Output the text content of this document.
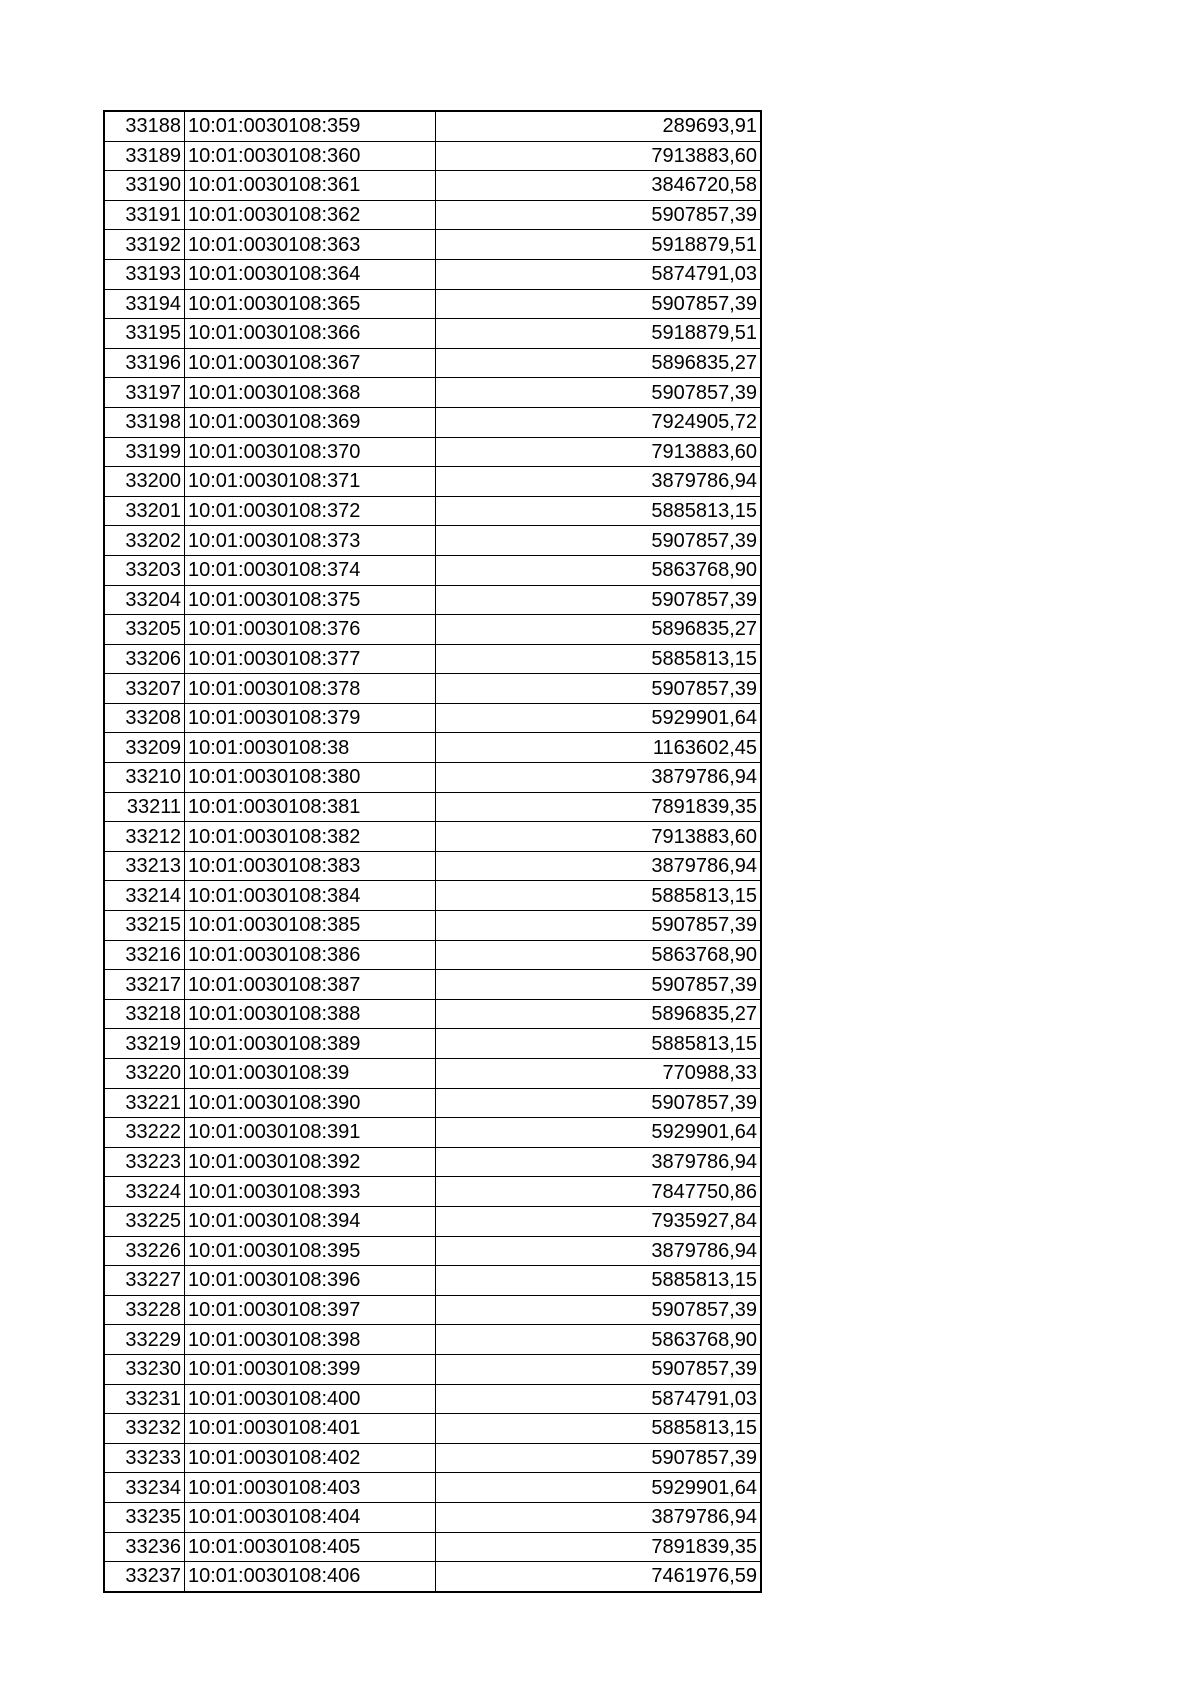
33188	10:01:0030108:359	289693,91
33189	10:01:0030108:360	7913883,60
33190	10:01:0030108:361	3846720,58
33191	10:01:0030108:362	5907857,39
33192	10:01:0030108:363	5918879,51
33193	10:01:0030108:364	5874791,03
33194	10:01:0030108:365	5907857,39
33195	10:01:0030108:366	5918879,51
33196	10:01:0030108:367	5896835,27
33197	10:01:0030108:368	5907857,39
33198	10:01:0030108:369	7924905,72
33199	10:01:0030108:370	7913883,60
33200	10:01:0030108:371	3879786,94
33201	10:01:0030108:372	5885813,15
33202	10:01:0030108:373	5907857,39
33203	10:01:0030108:374	5863768,90
33204	10:01:0030108:375	5907857,39
33205	10:01:0030108:376	5896835,27
33206	10:01:0030108:377	5885813,15
33207	10:01:0030108:378	5907857,39
33208	10:01:0030108:379	5929901,64
33209	10:01:0030108:38	1163602,45
33210	10:01:0030108:380	3879786,94
33211	10:01:0030108:381	7891839,35
33212	10:01:0030108:382	7913883,60
33213	10:01:0030108:383	3879786,94
33214	10:01:0030108:384	5885813,15
33215	10:01:0030108:385	5907857,39
33216	10:01:0030108:386	5863768,90
33217	10:01:0030108:387	5907857,39
33218	10:01:0030108:388	5896835,27
33219	10:01:0030108:389	5885813,15
33220	10:01:0030108:39	770988,33
33221	10:01:0030108:390	5907857,39
33222	10:01:0030108:391	5929901,64
33223	10:01:0030108:392	3879786,94
33224	10:01:0030108:393	7847750,86
33225	10:01:0030108:394	7935927,84
33226	10:01:0030108:395	3879786,94
33227	10:01:0030108:396	5885813,15
33228	10:01:0030108:397	5907857,39
33229	10:01:0030108:398	5863768,90
33230	10:01:0030108:399	5907857,39
33231	10:01:0030108:400	5874791,03
33232	10:01:0030108:401	5885813,15
33233	10:01:0030108:402	5907857,39
33234	10:01:0030108:403	5929901,64
33235	10:01:0030108:404	3879786,94
33236	10:01:0030108:405	7891839,35
33237	10:01:0030108:406	7461976,59
